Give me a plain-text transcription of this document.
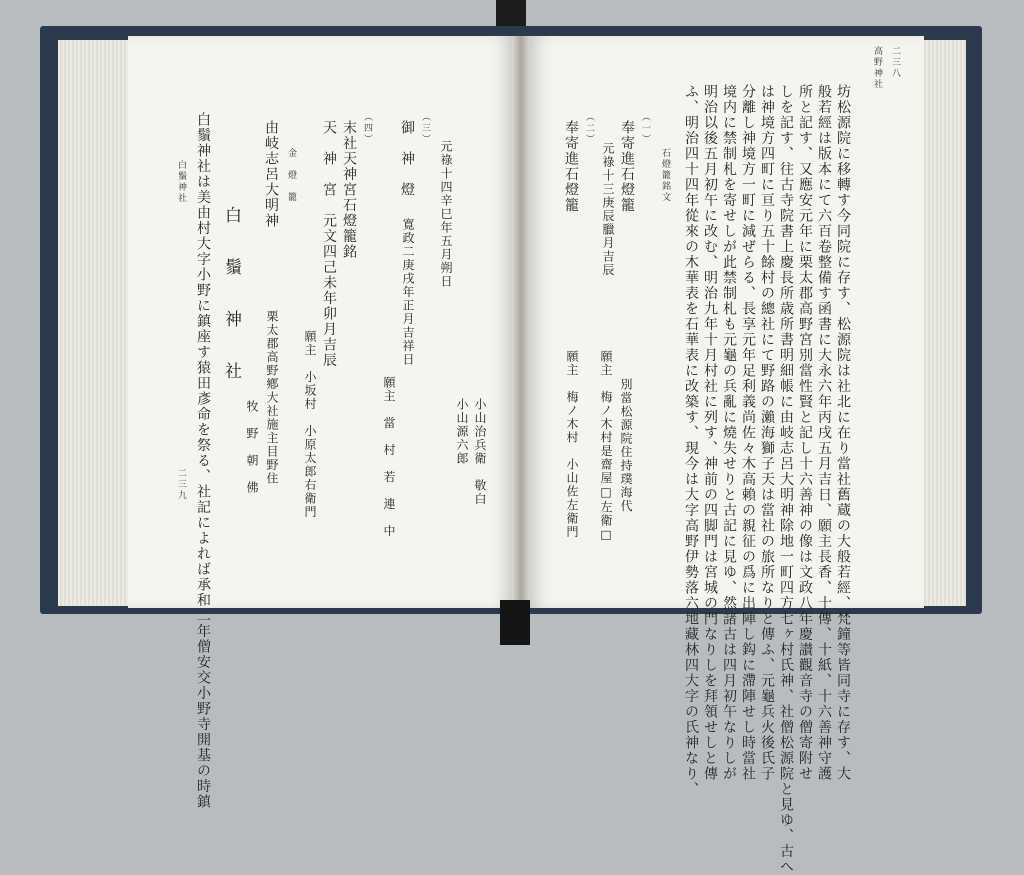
高野神社 二三八
坊松源院に移轉す今同院に存す、松源院は社北に在り當社舊蔵の大般若經、梵鐘等皆同寺に存す、大
般若經は版本にて六百卷整備す函書に大永六年丙戌五月吉日、願主長香、十傳、十紙、十六善神守護
所と記す、又應安元年に栗太郡高野宮別當性賢と記し十六善神の像は文政八年慶讃觀音寺の僧寄附せ
しを記す、往古寺院書上慶長所歳所書明細帳に由岐志呂大明神除地一町四方七ヶ村氏神、社僧松源院と見ゆ、古へ
は神境方四町に亘り五十餘村の總社にて野路の瀨海獅子天は當社の旅所なりと傳ふ、元龜兵火後氏子
分離し神境方一町に減ぜらる、長享元年足利義尚佐々木高賴の親征の爲に出陣し鈎に滯陣せし時當社
境内に禁制札を寄せしが此禁制札も元龜の兵亂に燒失せりと古記に見ゆ、然諸古は四月初午なりしが
明治以後五月初午に改む、明治九年十月村社に列す、神前の四脚門は宮城の門なりしを拜領せしと傳
ふ、明治四十四年從來の木華表を石華表に改築す、現今は大字高野伊勢落六地藏林四大字の氏神なり、
石燈籠銘文
（一）
奉寄進石燈籠
元祿十三庚辰臘月吉辰
別當松源院住持璞海代
願主　梅ノ木村是齋屋□左衛□
願主　梅ノ木村　小山佐左衛門
（二）
奉寄進石燈籠
元祿十四辛巳年五月朔日
小山治兵衛　敬白
小山源六郎
（三）
御　神　燈
寛政二庚戌年正月吉祥日
願主　當　村　若　連　中
（四）
末社天神宮石燈籠銘
天　神　宮　元文四己未年卯月吉辰
願主　小坂村　小原太郎右衛門
金　燈　籠
由岐志呂大明神
栗太郡高野鄕大社施主目野住
牧　野　朝　佛
白　鬚　神　社
白鬚神社は美由村大字小野に鎮座す猿田彥命を祭る、社記によれば承和二年僧安交小野寺開基の時鎮
白鬚神社
二三九
